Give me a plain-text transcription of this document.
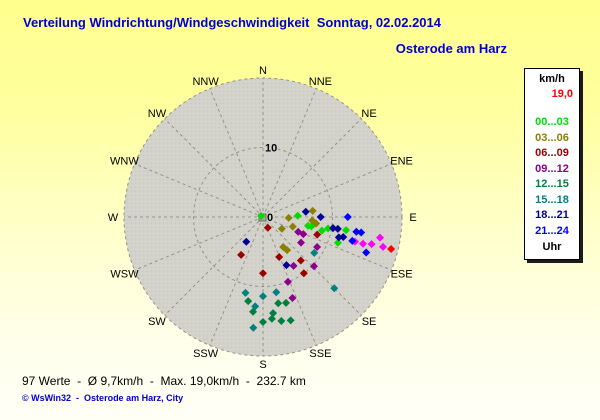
Verteilung Windrichtung/Windgeschwindigkeit  Sonntag, 02.02.2014
Osterode am Harz
N
NNE
NE
ENE
E
ESE
SE
SSE
S
SSW
SW
WSW
W
WNW
NW
NNW
0
10
km/h
19,0
00...03
03...06
06...09
09...12
12...15
15...18
18...21
21...24
Uhr
97 Werte  -  Ø 9,7km/h  -  Max. 19,0km/h  -  232.7 km
© WsWin32  -  Osterode am Harz, City
